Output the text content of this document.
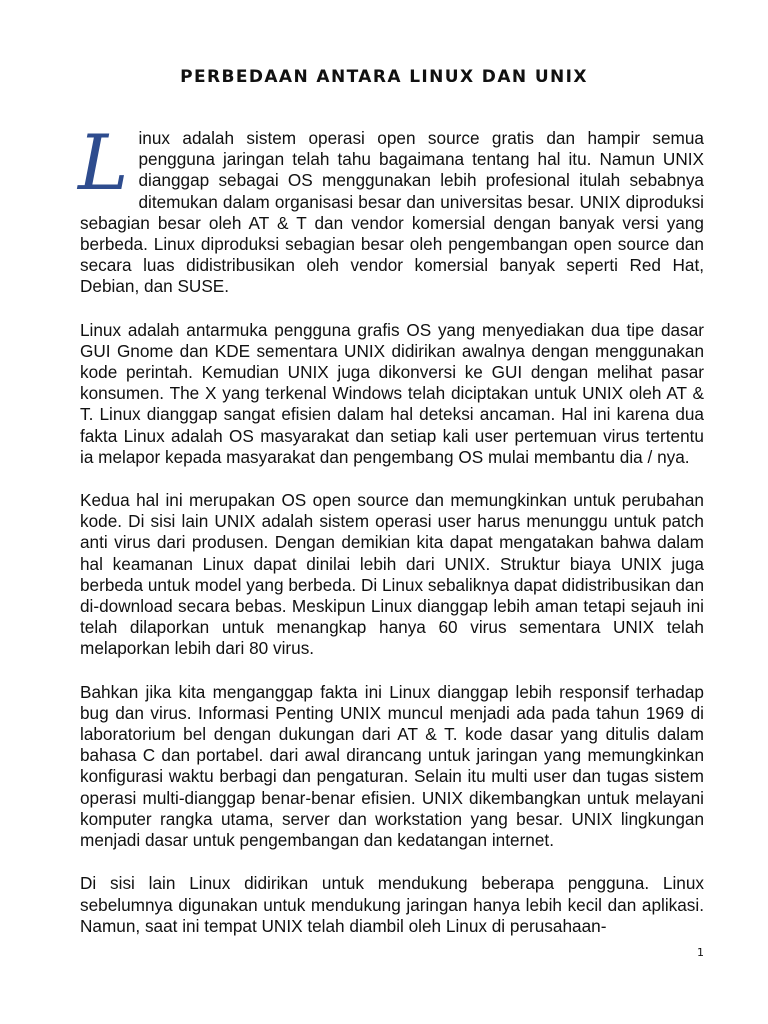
PERBEDAAN ANTARA LINUX DAN UNIX

Linux adalah sistem operasi open source gratis dan hampir semua pengguna jaringan telah tahu bagaimana tentang hal itu. Namun UNIX dianggap sebagai OS menggunakan lebih profesional itulah sebabnya ditemukan dalam organisasi besar dan universitas besar. UNIX diproduksi sebagian besar oleh AT & T dan vendor komersial dengan banyak versi yang berbeda. Linux diproduksi sebagian besar oleh pengembangan open source dan secara luas didistribusikan oleh vendor komersial banyak seperti Red Hat, Debian, dan SUSE.

Linux adalah antarmuka pengguna grafis OS yang menyediakan dua tipe dasar GUI Gnome dan KDE sementara UNIX didirikan awalnya dengan menggunakan kode perintah. Kemudian UNIX juga dikonversi ke GUI dengan melihat pasar konsumen. The X yang terkenal Windows telah diciptakan untuk UNIX oleh AT & T. Linux dianggap sangat efisien dalam hal deteksi ancaman. Hal ini karena dua fakta Linux adalah OS masyarakat dan setiap kali user pertemuan virus tertentu ia melapor kepada masyarakat dan pengembang OS mulai membantu dia / nya.

Kedua hal ini merupakan OS open source dan memungkinkan untuk perubahan kode. Di sisi lain UNIX adalah sistem operasi user harus menunggu untuk patch anti virus dari produsen. Dengan demikian kita dapat mengatakan bahwa dalam hal keamanan Linux dapat dinilai lebih dari UNIX. Struktur biaya UNIX juga berbeda untuk model yang berbeda. Di Linux sebaliknya dapat didistribusikan dan di-download secara bebas. Meskipun Linux dianggap lebih aman tetapi sejauh ini telah dilaporkan untuk menangkap hanya 60 virus sementara UNIX telah melaporkan lebih dari 80 virus.

Bahkan jika kita menganggap fakta ini Linux dianggap lebih responsif terhadap bug dan virus. Informasi Penting UNIX muncul menjadi ada pada tahun 1969 di laboratorium bel dengan dukungan dari AT & T. kode dasar yang ditulis dalam bahasa C dan portabel. dari awal dirancang untuk jaringan yang memungkinkan konfigurasi waktu berbagi dan pengaturan. Selain itu multi user dan tugas sistem operasi multi-dianggap benar-benar efisien. UNIX dikembangkan untuk melayani komputer rangka utama, server dan workstation yang besar. UNIX lingkungan menjadi dasar untuk pengembangan dan kedatangan internet.

Di sisi lain Linux didirikan untuk mendukung beberapa pengguna. Linux sebelumnya digunakan untuk mendukung jaringan hanya lebih kecil dan aplikasi. Namun, saat ini tempat UNIX telah diambil oleh Linux di perusahaan-

1
